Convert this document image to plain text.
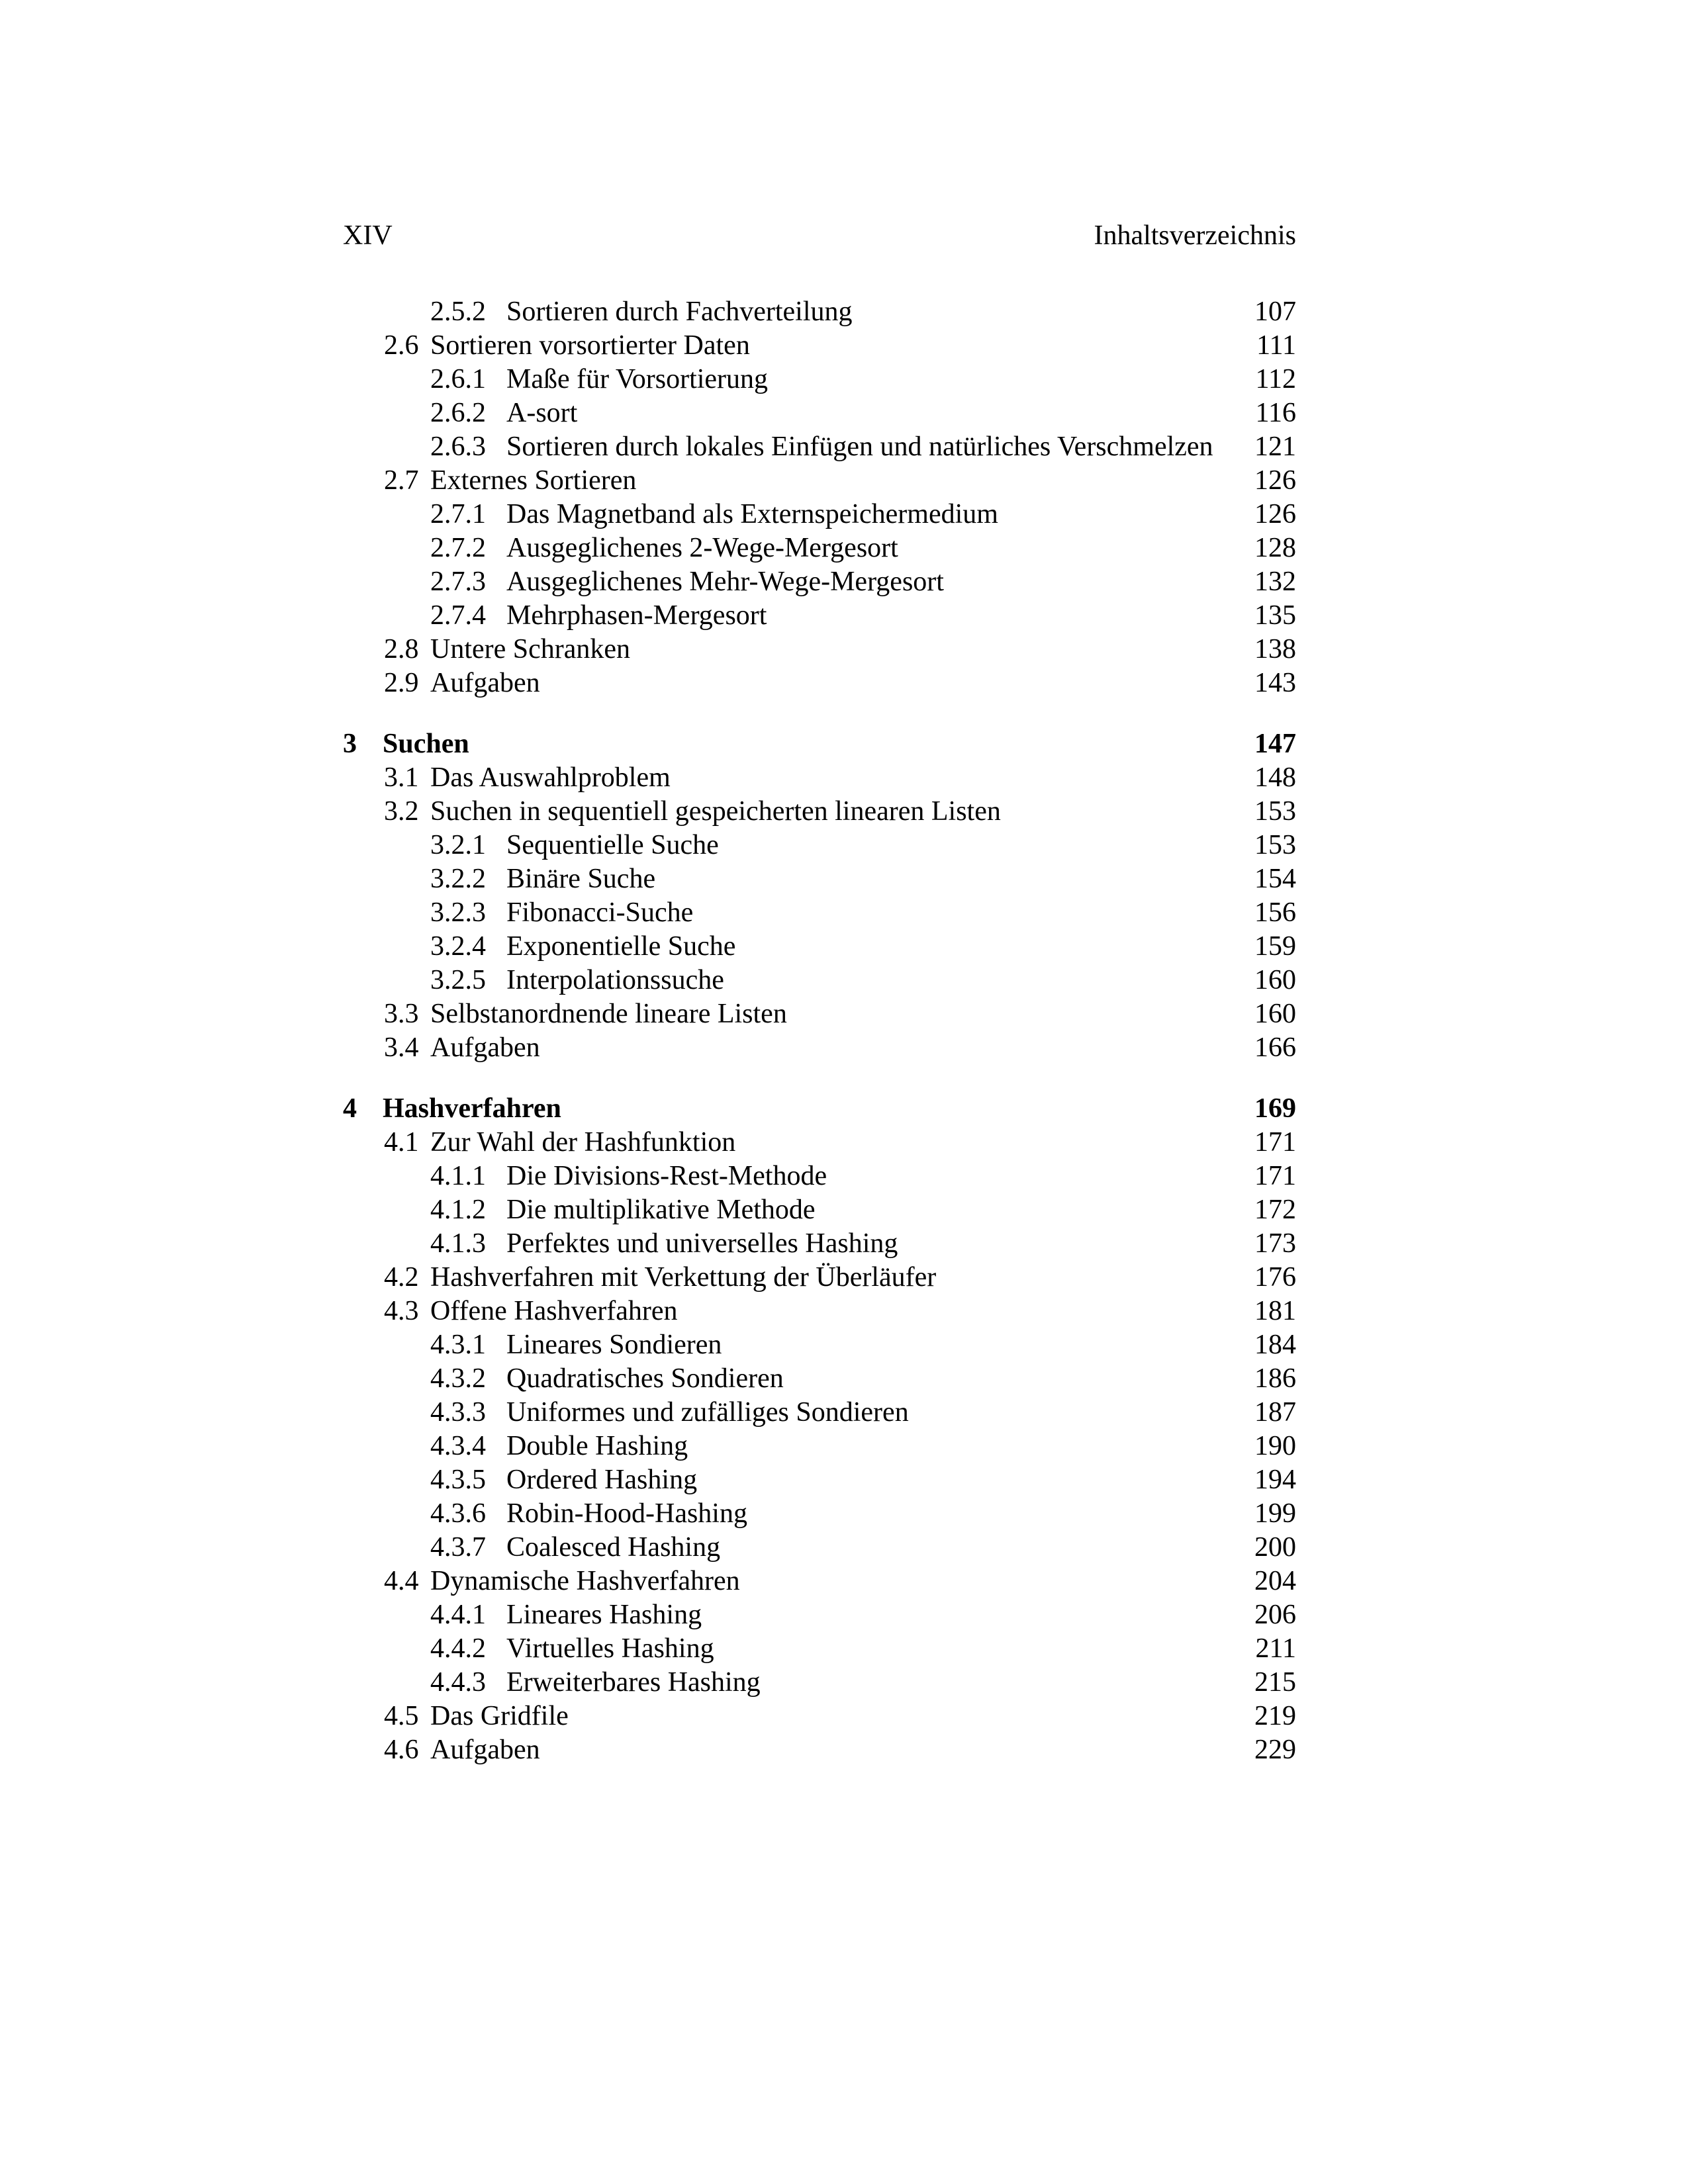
XIV	Inhaltsverzeichnis
2.5.2 Sortieren durch Fachverteilung	107
2.6 Sortieren vorsortierter Daten	111
2.6.1 Maße für Vorsortierung	112
2.6.2 A-sort	116
2.6.3 Sortieren durch lokales Einfügen und natürliches Verschmelzen	121
2.7 Externes Sortieren	126
2.7.1 Das Magnetband als Externspeichermedium	126
2.7.2 Ausgeglichenes 2-Wege-Mergesort	128
2.7.3 Ausgeglichenes Mehr-Wege-Mergesort	132
2.7.4 Mehrphasen-Mergesort	135
2.8 Untere Schranken	138
2.9 Aufgaben	143
3 Suchen	147
3.1 Das Auswahlproblem	148
3.2 Suchen in sequentiell gespeicherten linearen Listen	153
3.2.1 Sequentielle Suche	153
3.2.2 Binäre Suche	154
3.2.3 Fibonacci-Suche	156
3.2.4 Exponentielle Suche	159
3.2.5 Interpolationssuche	160
3.3 Selbstanordnende lineare Listen	160
3.4 Aufgaben	166
4 Hashverfahren	169
4.1 Zur Wahl der Hashfunktion	171
4.1.1 Die Divisions-Rest-Methode	171
4.1.2 Die multiplikative Methode	172
4.1.3 Perfektes und universelles Hashing	173
4.2 Hashverfahren mit Verkettung der Überläufer	176
4.3 Offene Hashverfahren	181
4.3.1 Lineares Sondieren	184
4.3.2 Quadratisches Sondieren	186
4.3.3 Uniformes und zufälliges Sondieren	187
4.3.4 Double Hashing	190
4.3.5 Ordered Hashing	194
4.3.6 Robin-Hood-Hashing	199
4.3.7 Coalesced Hashing	200
4.4 Dynamische Hashverfahren	204
4.4.1 Lineares Hashing	206
4.4.2 Virtuelles Hashing	211
4.4.3 Erweiterbares Hashing	215
4.5 Das Gridfile	219
4.6 Aufgaben	229
